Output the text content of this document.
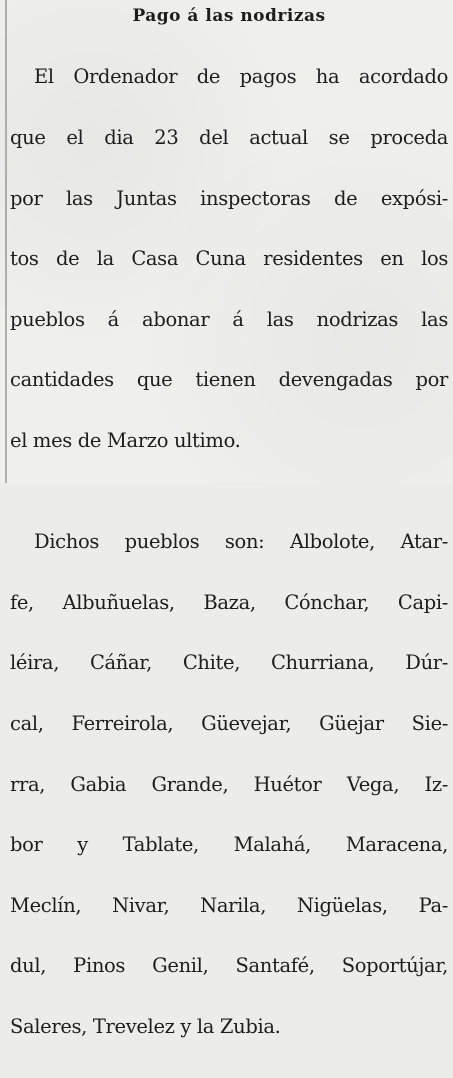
Pago á las nodrizas

El Ordenador de pagos ha acordado

que el dia 23 del actual se proceda

por las Juntas inspectoras de expósi-

tos de la Casa Cuna residentes en los

pueblos á abonar á las nodrizas las

cantidades que tienen devengadas por

el mes de Marzo ultimo.

Dichos pueblos son: Albolote, Atar-

fe, Albuñuelas, Baza, Cónchar, Capi-

léira, Cáñar, Chite, Churriana, Dúr-

cal, Ferreirola, Güevejar, Güejar Sie-

rra, Gabia Grande, Huétor Vega, Iz-

bor y Tablate, Malahá, Maracena,

Meclín, Nivar, Narila, Nigüelas, Pa-

dul, Pinos Genil, Santafé, Soportújar,

Saleres, Trevelez y la Zubia.
